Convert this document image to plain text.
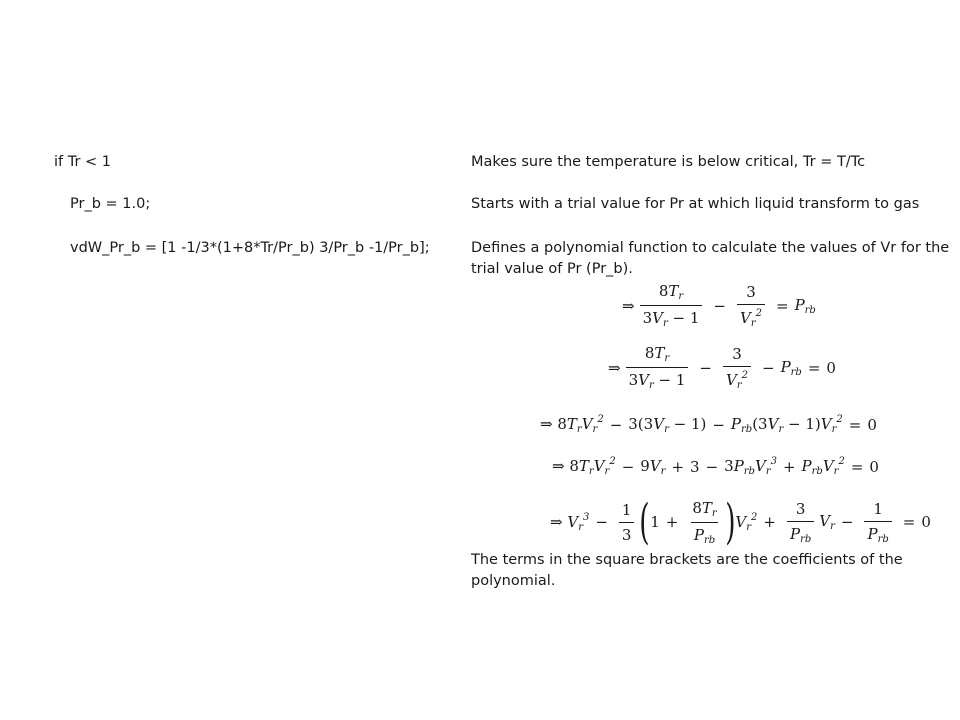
if Tr < 1
Pr_b = 1.0;
vdW_Pr_b = [1 -1/3*(1+8*Tr/Pr_b) 3/Pr_b -1/Pr_b];
Makes sure the temperature is below critical, Tr = T/Tc
Starts with a trial value for Pr at which liquid transform to gas
Defines a polynomial function to calculate the values of Vr for the trial value of Pr (Pr_b).
⇒ $\frac{8T_r}{3V_r - 1} - \frac{3}{V_r^2} = P_{rb}$
⇒ $\frac{8T_r}{3V_r - 1} - \frac{3}{V_r^2} - P_{rb} = 0$
⇒ $8T_rV_r^2 - 3(3V_r - 1) - P_{rb}(3V_r - 1)V_r^2 = 0$
⇒ $8T_rV_r^2 - 9V_r + 3 - 3P_{rb}V_r^3 + P_{rb}V_r^2 = 0$
⇒ $V_r^3 - \frac{1}{3}$ ( $1 + \frac{8T_r}{P_{rb}}$ ) $V_r^2 + \frac{3}{P_{rb}} V_r - \frac{1}{P_{rb}} = 0$
The terms in the square brackets are the coefficients of the polynomial.
